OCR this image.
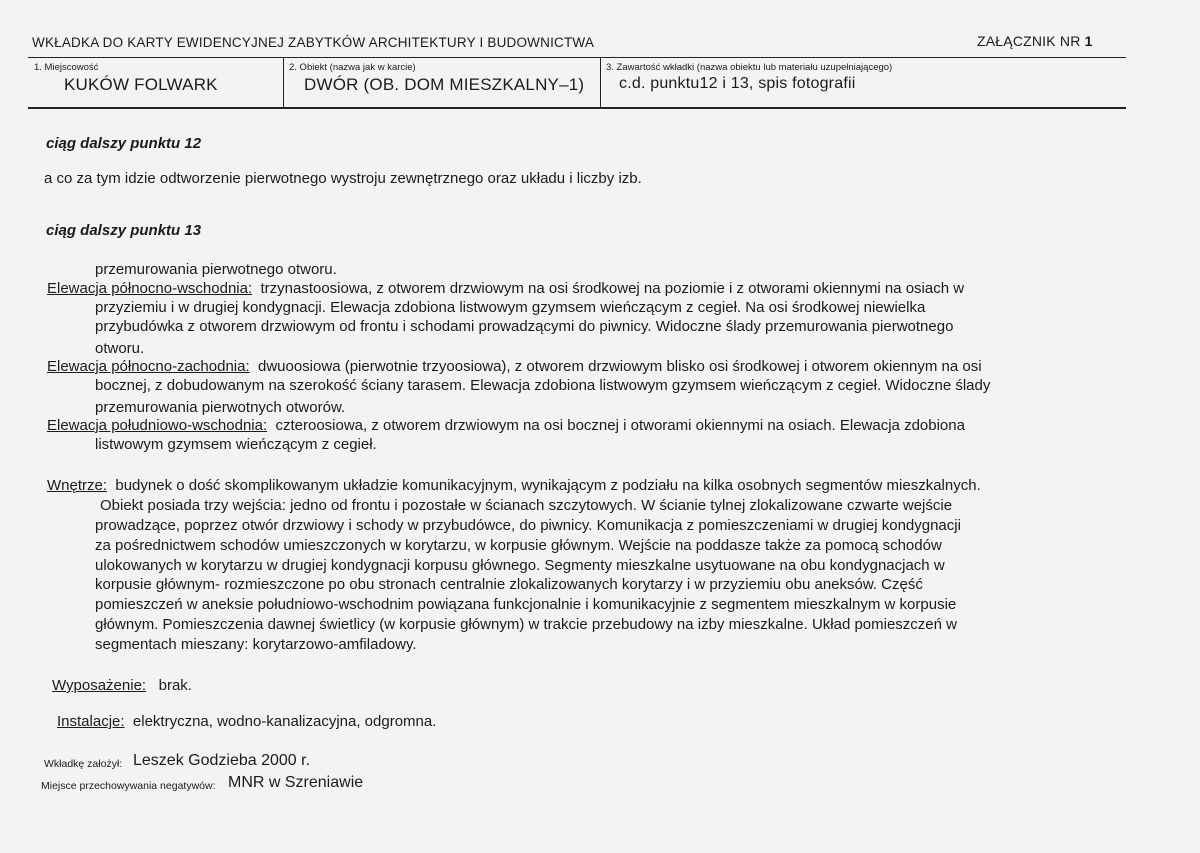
WKŁADKA DO KARTY EWIDENCYJNEJ ZABYTKÓW ARCHITEKTURY I BUDOWNICTWA	ZAŁĄCZNIK NR 1
1. Miejscowość
KUKÓW FOLWARK
2. Obiekt (nazwa jak w karcie)
DWÓR (OB. DOM MIESZKALNY–1)
3. Zawartość wkładki (nazwa obiektu lub materiału uzupełniającego)
c.d. punktu12 i 13, spis fotografii
ciąg dalszy punktu 12
a co za tym idzie odtworzenie pierwotnego wystroju zewnętrznego oraz układu i liczby izb.
ciąg dalszy punktu 13
przemurowania pierwotnego otworu.
Elewacja północno-wschodnia: trzynastoosiowa, z otworem drzwiowym na osi środkowej na poziomie i z otworami okiennymi na osiach w
przyziemiu i w drugiej kondygnacji. Elewacja zdobiona listwowym gzymsem wieńczącym z cegieł. Na osi środkowej niewielka
przybudówka z otworem drzwiowym od frontu i schodami prowadzącymi do piwnicy. Widoczne ślady przemurowania pierwotnego
otworu.
Elewacja północno-zachodnia: dwuoosiowa (pierwotnie trzyoosiowa), z otworem drzwiowym blisko osi środkowej i otworem okiennym na osi
bocznej, z dobudowanym na szerokość ściany tarasem. Elewacja zdobiona listwowym gzymsem wieńczącym z cegieł. Widoczne ślady
przemurowania pierwotnych otworów.
Elewacja południowo-wschodnia: czteroosiowa, z otworem drzwiowym na osi bocznej i otworami okiennymi na osiach. Elewacja zdobiona
listwowym gzymsem wieńczącym z cegieł.
Wnętrze: budynek o dość skomplikowanym układzie komunikacyjnym, wynikającym z podziału na kilka osobnych segmentów mieszkalnych.
Obiekt posiada trzy wejścia: jedno od frontu i pozostałe w ścianach szczytowych. W ścianie tylnej zlokalizowane czwarte wejście
prowadzące, poprzez otwór drzwiowy i schody w przybudówce, do piwnicy. Komunikacja z pomieszczeniami w drugiej kondygnacji
za pośrednictwem schodów umieszczonych w korytarzu, w korpusie głównym. Wejście na poddasze także za pomocą schodów
ulokowanych w korytarzu w drugiej kondygnacji korpusu głównego. Segmenty mieszkalne usytuowane na obu kondygnacjach w
korpusie głównym- rozmieszczone po obu stronach centralnie zlokalizowanych korytarzy i w przyziemiu obu aneksów. Część
pomieszczeń w aneksie południowo-wschodnim powiązana funkcjonalnie i komunikacyjnie z segmentem mieszkalnym w korpusie
głównym. Pomieszczenia dawnej świetlicy (w korpusie głównym) w trakcie przebudowy na izby mieszkalne. Układ pomieszczeń w
segmentach mieszany: korytarzowo-amfiladowy.
Wyposażenie: brak.
Instalacje: elektryczna, wodno-kanalizacyjna, odgromna.
Wkładkę założył: Leszek Godzieba 2000 r.
Miejsce przechowywania negatywów: MNR w Szreniawie
